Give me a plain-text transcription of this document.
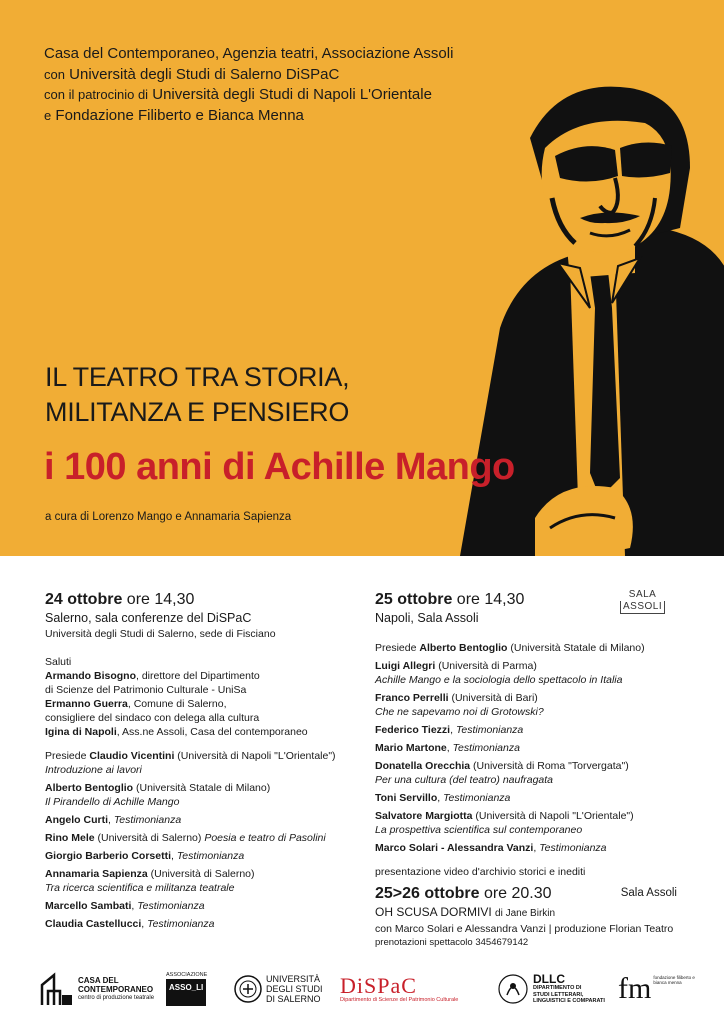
Casa del Contemporaneo, Agenzia teatri, Associazione Assoli
con Università degli Studi di Salerno DiSPaC
con il patrocinio di Università degli Studi di Napoli L'Orientale
e Fondazione Filiberto e Bianca Menna
IL TEATRO TRA STORIA,
MILITANZA E PENSIERO
i 100 anni di Achille Mango
a cura di Lorenzo Mango e Annamaria Sapienza
24 ottobre ore 14,30
Salerno, sala conferenze del DiSPaC
Università degli Studi di Salerno, sede di Fisciano
Saluti
Armando Bisogno, direttore del Dipartimento
di Scienze del Patrimonio Culturale - UniSa
Ermanno Guerra, Comune di Salerno,
consigliere del sindaco con delega alla cultura
Igina di Napoli, Ass.ne Assoli, Casa del contemporaneo
Presiede Claudio Vicentini (Università di Napoli "L'Orientale")
Introduzione ai lavori
Alberto Bentoglio (Università Statale di Milano)
Il Pirandello di Achille Mango
Angelo Curti, Testimonianza
Rino Mele (Università di Salerno) Poesia e teatro di Pasolini
Giorgio Barberio Corsetti, Testimonianza
Annamaria Sapienza (Università di Salerno)
Tra ricerca scientifica e militanza teatrale
Marcello Sambati, Testimonianza
Claudia Castellucci, Testimonianza
SALA
ASSOLI
25 ottobre ore 14,30
Napoli, Sala Assoli
Presiede Alberto Bentoglio (Università Statale di Milano)
Luigi Allegri (Università di Parma)
Achille Mango e la sociologia dello spettacolo in Italia
Franco Perrelli (Università di Bari)
Che ne sapevamo noi di Grotowski?
Federico Tiezzi, Testimonianza
Mario Martone, Testimonianza
Donatella Orecchia (Università di Roma "Torvergata")
Per una cultura (del teatro) naufragata
Toni Servillo, Testimonianza
Salvatore Margiotta (Università di Napoli "L'Orientale")
La prospettiva scientifica sul contemporaneo
Marco Solari - Alessandra Vanzi, Testimonianza
presentazione video d'archivio storici e inediti
25>26 ottobre ore 20.30	Sala Assoli
OH SCUSA DORMIVI di Jane Birkin
con Marco Solari e Alessandra Vanzi | produzione Florian Teatro
prenotazioni spettacolo 3454679142
CASA DEL
CONTEMPORANEO
centro di produzione teatrale
ASSOCIAZIONE
ASSO_LI
UNIVERSITÀ
DEGLI STUDI
DI SALERNO
DiSPaC
Dipartimento di Scienze del Patrimonio Culturale
DLLC
DIPARTIMENTO DI
STUDI LETTERARI,
LINGUISTICI E COMPARATI fm fondazione filiberto e bianca menna
